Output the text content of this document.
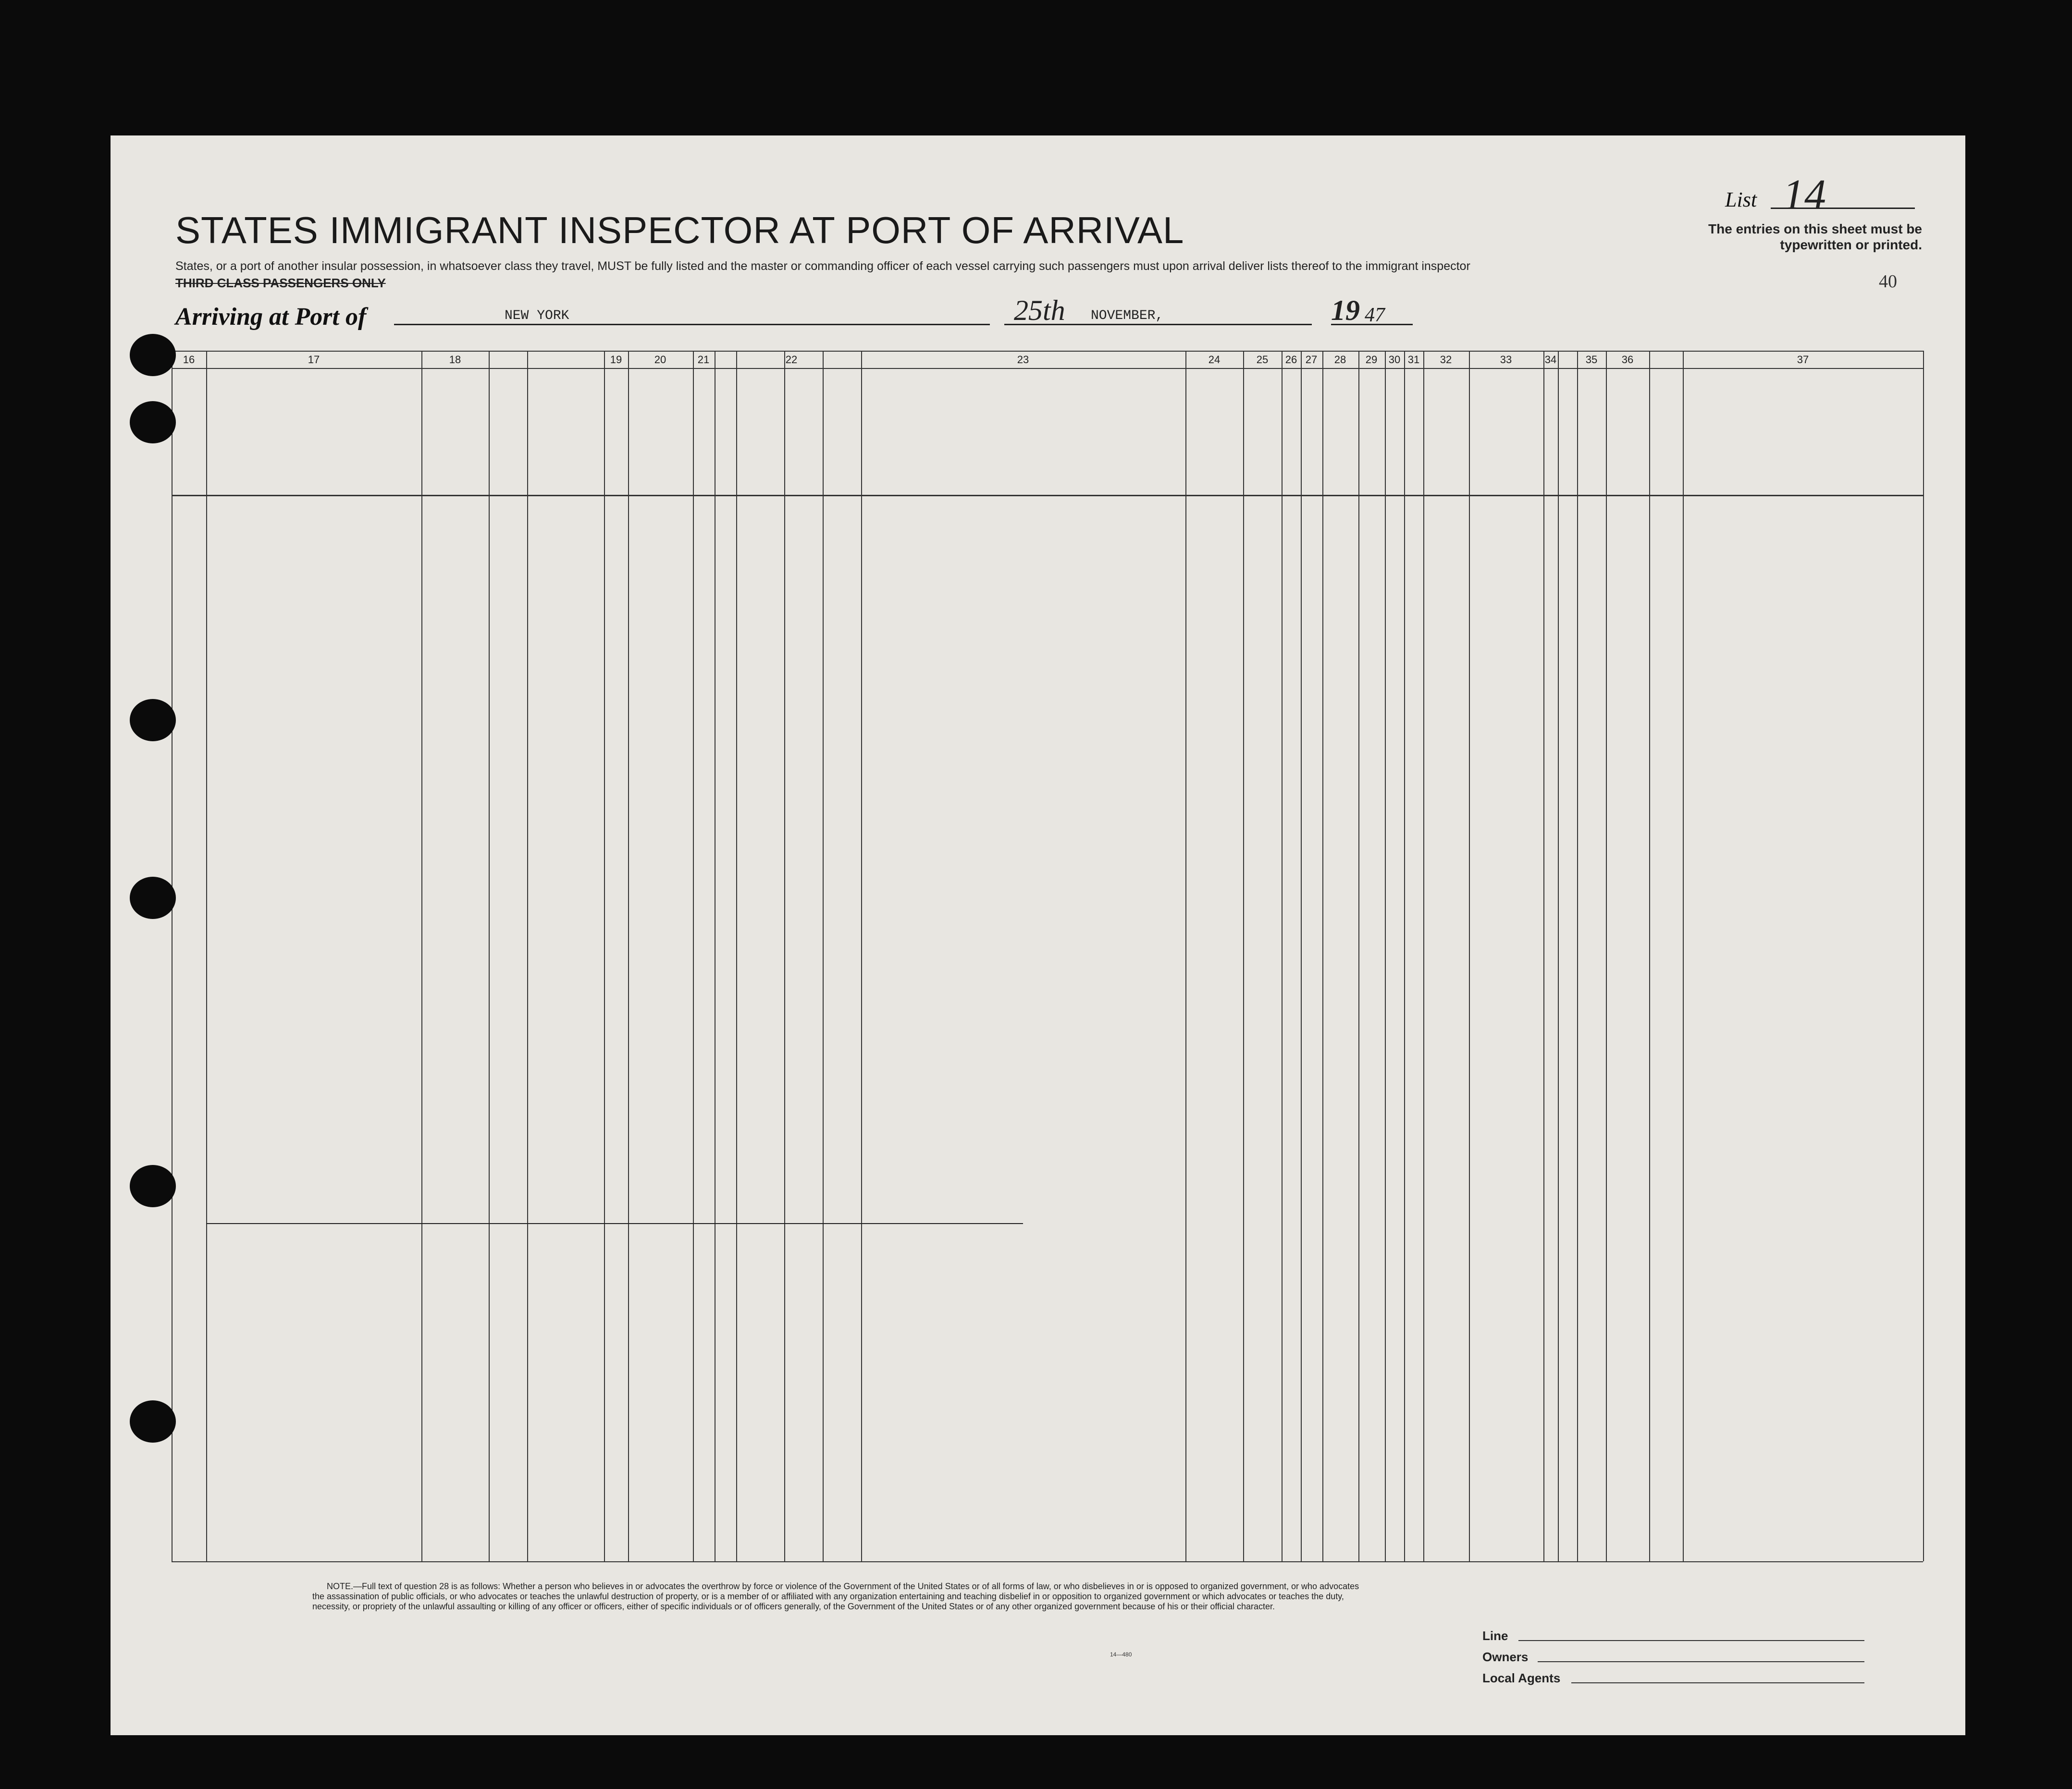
STATES IMMIGRANT INSPECTOR AT PORT OF ARRIVAL
States, or a port of another insular possession, in whatsoever class they travel, MUST be fully listed and the master or commanding officer of each vessel carrying such passengers must upon arrival deliver lists thereof to the immigrant inspector
THIRD CLASS PASSENGERS ONLY
List 14
The entries on this sheet must be typewritten or printed.
40
Arriving at Port of	NEW YORK	25th NOVEMBER,	19 47
16	17	18	19	20	21	22	23	24	25	26 27	28	29	30 31	32	33	34	35	36	37
NOTE.—Full text of question 28 is as follows: Whether a person who believes in or advocates the overthrow by force or violence of the Government of the United States or of all forms of law, or who disbelieves in or is opposed to organized government, or who advocates the assassination of public officials, or who advocates or teaches the unlawful destruction of property, or is a member of or affiliated with any organization entertaining and teaching disbelief in or opposition to organized government or which advocates or teaches the duty, necessity, or propriety of the unlawful assaulting or killing of any officer or officers, either of specific individuals or of officers generally, of the Government of the United States or of any other organized government because of his or their official character.
14—480
Line
Owners
Local Agents
